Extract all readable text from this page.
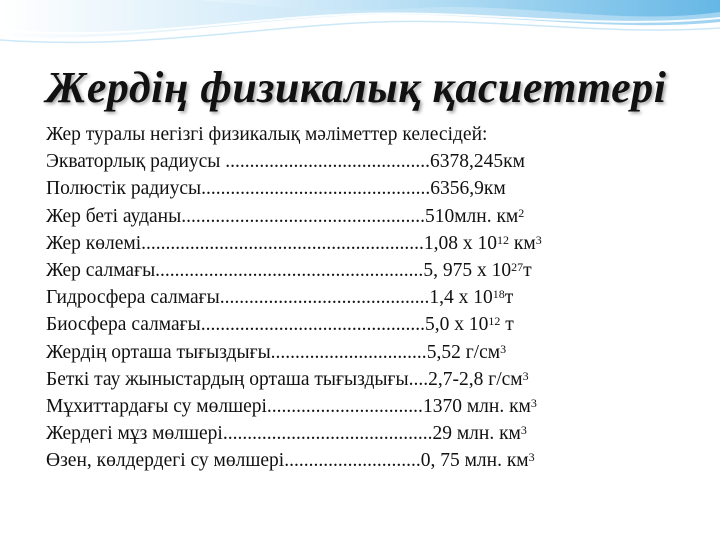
Жердің физикалық қасиеттері
Жер туралы негізгі физикалық мәліметтер келесідей:
Экваторлық радиусы ..........................................6378,245км
Полюстік радиусы...............................................6356,9км
Жер беті ауданы..................................................510млн. $км^2$
Жер көлемі..........................................................1,08 х $10^{12}$ $км^3$
Жер салмағы.......................................................5, 975 х $10^{27}т$
Гидросфера салмағы...........................................1,4 х $10^{18}т$
Биосфера салмағы..............................................5,0 х $10^{12}$ т
Жердің орташа тығыздығы................................5,52 $г/см^3$
Беткі тау жыныстардың орташа тығыздығы....2,7-2,8 $г/см^3$
Мұхиттардағы су мөлшері................................1370 млн. $км^3$
Жердегі мұз мөлшері...........................................29 млн. $км^3$
Өзен, көлдердегі су мөлшері............................0, 75 млн. $км^3$
